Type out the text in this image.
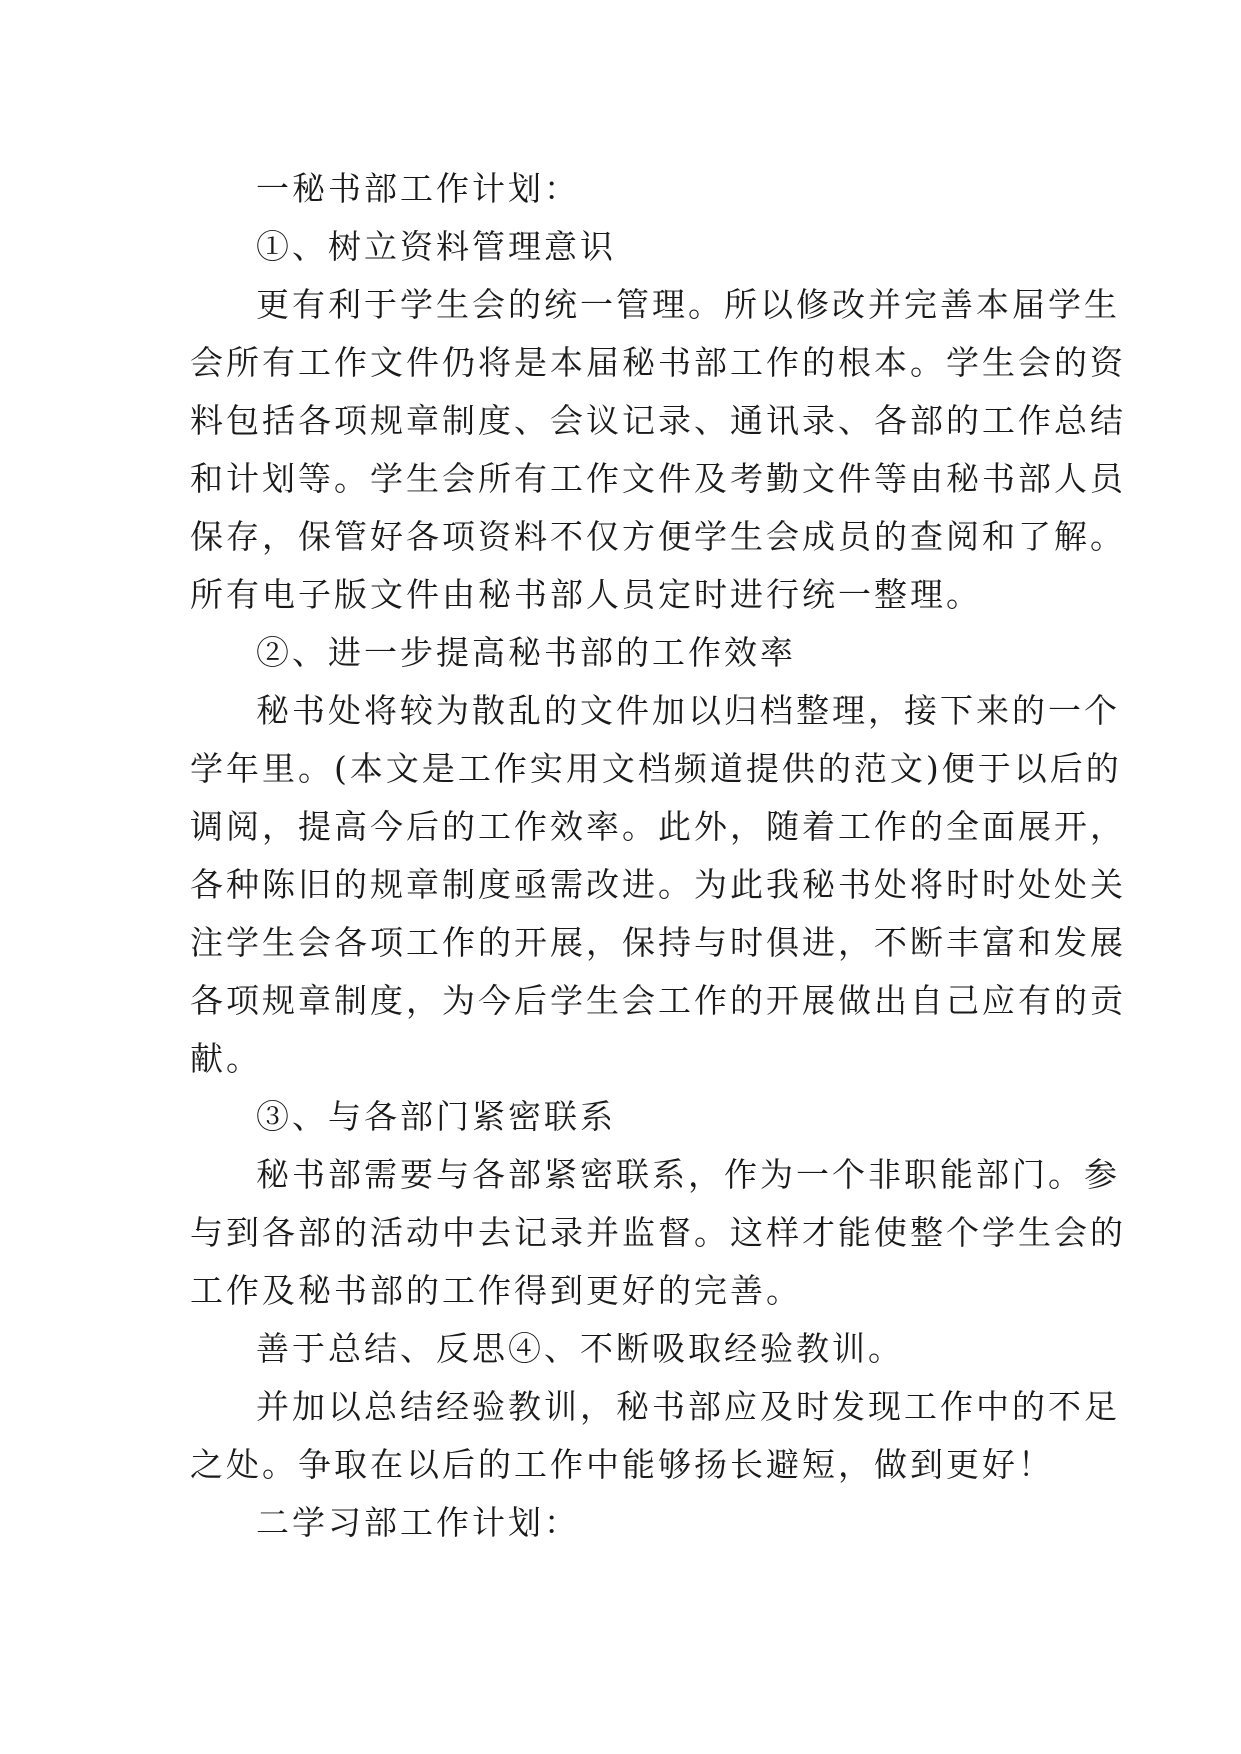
一秘书部工作计划：
①、树立资料管理意识
更有利于学生会的统一管理。所以修改并完善本届学生
会所有工作文件仍将是本届秘书部工作的根本。学生会的资
料包括各项规章制度、会议记录、通讯录、各部的工作总结
和计划等。学生会所有工作文件及考勤文件等由秘书部人员
保存，保管好各项资料不仅方便学生会成员的查阅和了解。
所有电子版文件由秘书部人员定时进行统一整理。
②、进一步提高秘书部的工作效率
秘书处将较为散乱的文件加以归档整理，接下来的一个
学年里。(本文是工作实用文档频道提供的范文)便于以后的
调阅，提高今后的工作效率。此外，随着工作的全面展开，
各种陈旧的规章制度亟需改进。为此我秘书处将时时处处关
注学生会各项工作的开展，保持与时俱进，不断丰富和发展
各项规章制度，为今后学生会工作的开展做出自己应有的贡
献。
③、与各部门紧密联系
秘书部需要与各部紧密联系，作为一个非职能部门。参
与到各部的活动中去记录并监督。这样才能使整个学生会的
工作及秘书部的工作得到更好的完善。
善于总结、反思④、不断吸取经验教训。
并加以总结经验教训，秘书部应及时发现工作中的不足
之处。争取在以后的工作中能够扬长避短，做到更好！
二学习部工作计划：
